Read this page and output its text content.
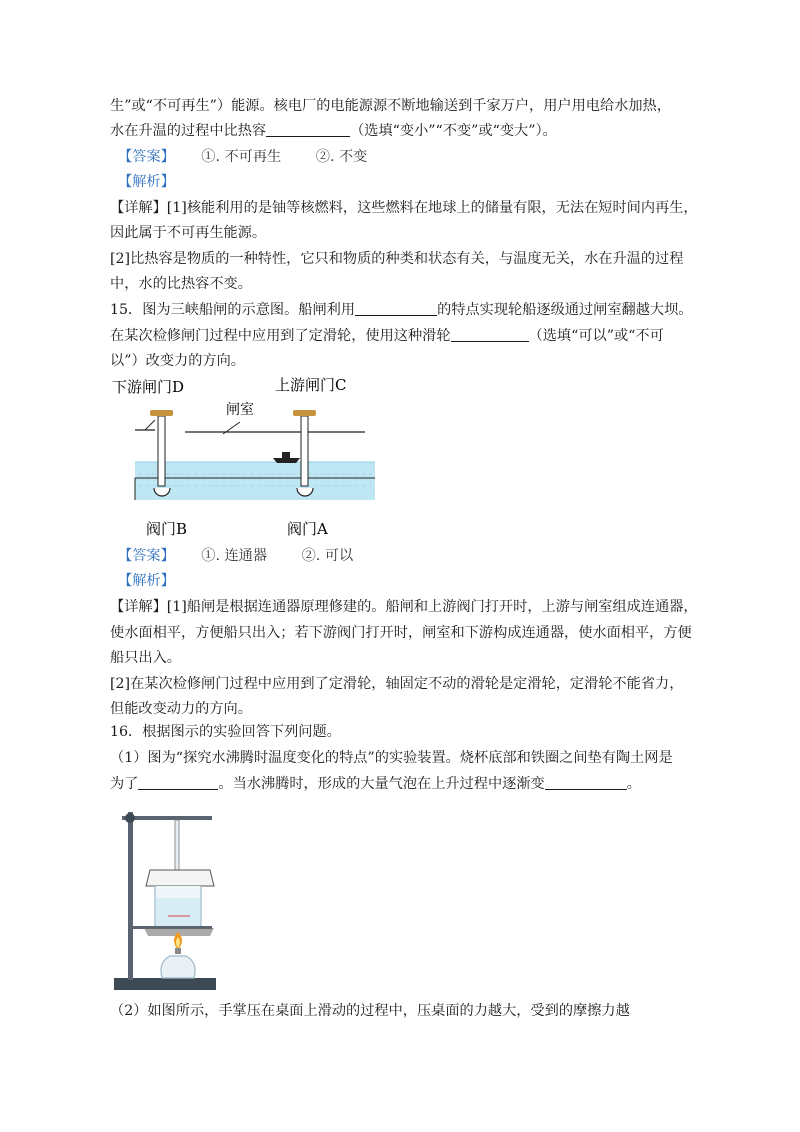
生”或“不可再生”）能源。核电厂的电能源源不断地输送到千家万户，用户用电给水加热，
水在升温的过程中比热容	（选填“变小”“不变”或“变大”）。
【答案】 ①. 不可再生 ②. 不变
【解析】
【详解】[1]核能利用的是铀等核燃料，这些燃料在地球上的储量有限，无法在短时间内再生，
因此属于不可再生能源。
[2]比热容是物质的一种特性，它只和物质的种类和状态有关，与温度无关，水在升温的过程
中，水的比热容不变。
15．图为三峡船闸的示意图。船闸利用	的特点实现轮船逐级通过闸室翻越大坝。
在某次检修闸门过程中应用到了定滑轮，使用这种滑轮	（选填“可以”或“不可
以”）改变力的方向。
下游闸门D	上游闸门C
闸室
阀门B	阀门A
【答案】 ①. 连通器 ②. 可以
【解析】
【详解】[1]船闸是根据连通器原理修建的。船闸和上游阀门打开时，上游与闸室组成连通器，
使水面相平，方便船只出入；若下游阀门打开时，闸室和下游构成连通器，使水面相平，方便
船只出入。
[2]在某次检修闸门过程中应用到了定滑轮，轴固定不动的滑轮是定滑轮，定滑轮不能省力，
但能改变动力的方向。
16．根据图示的实验回答下列问题。
（1）图为“探究水沸腾时温度变化的特点”的实验装置。烧杯底部和铁圈之间垫有陶土网是
为了	。当水沸腾时，形成的大量气泡在上升过程中逐渐变	。
（2）如图所示，手掌压在桌面上滑动的过程中，压桌面的力越大，受到的摩擦力越
